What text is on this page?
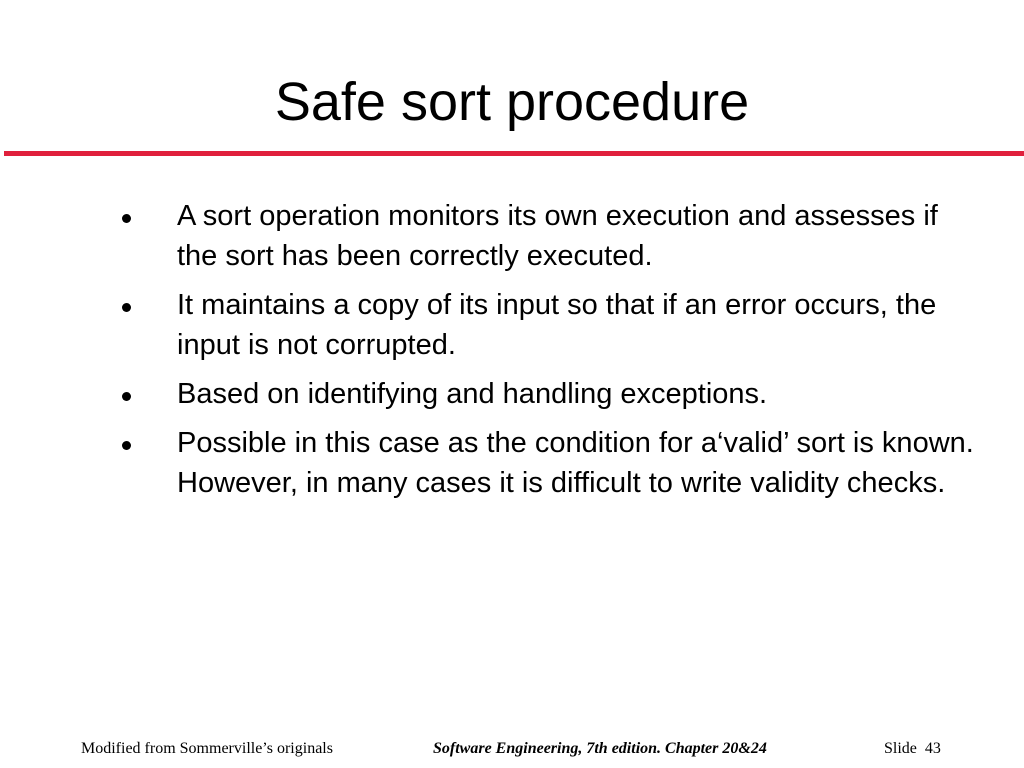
Safe sort procedure
A sort operation monitors its own execution and assesses if the sort has been correctly executed.
It maintains a copy of its input so that if an error occurs, the input is not corrupted.
Based on identifying and handling exceptions.
Possible in this case as the condition for a‘valid’ sort is known. However, in many cases it is difficult to write validity checks.
Modified from Sommerville’s originals	Software Engineering, 7th edition. Chapter 20&24	Slide 43
